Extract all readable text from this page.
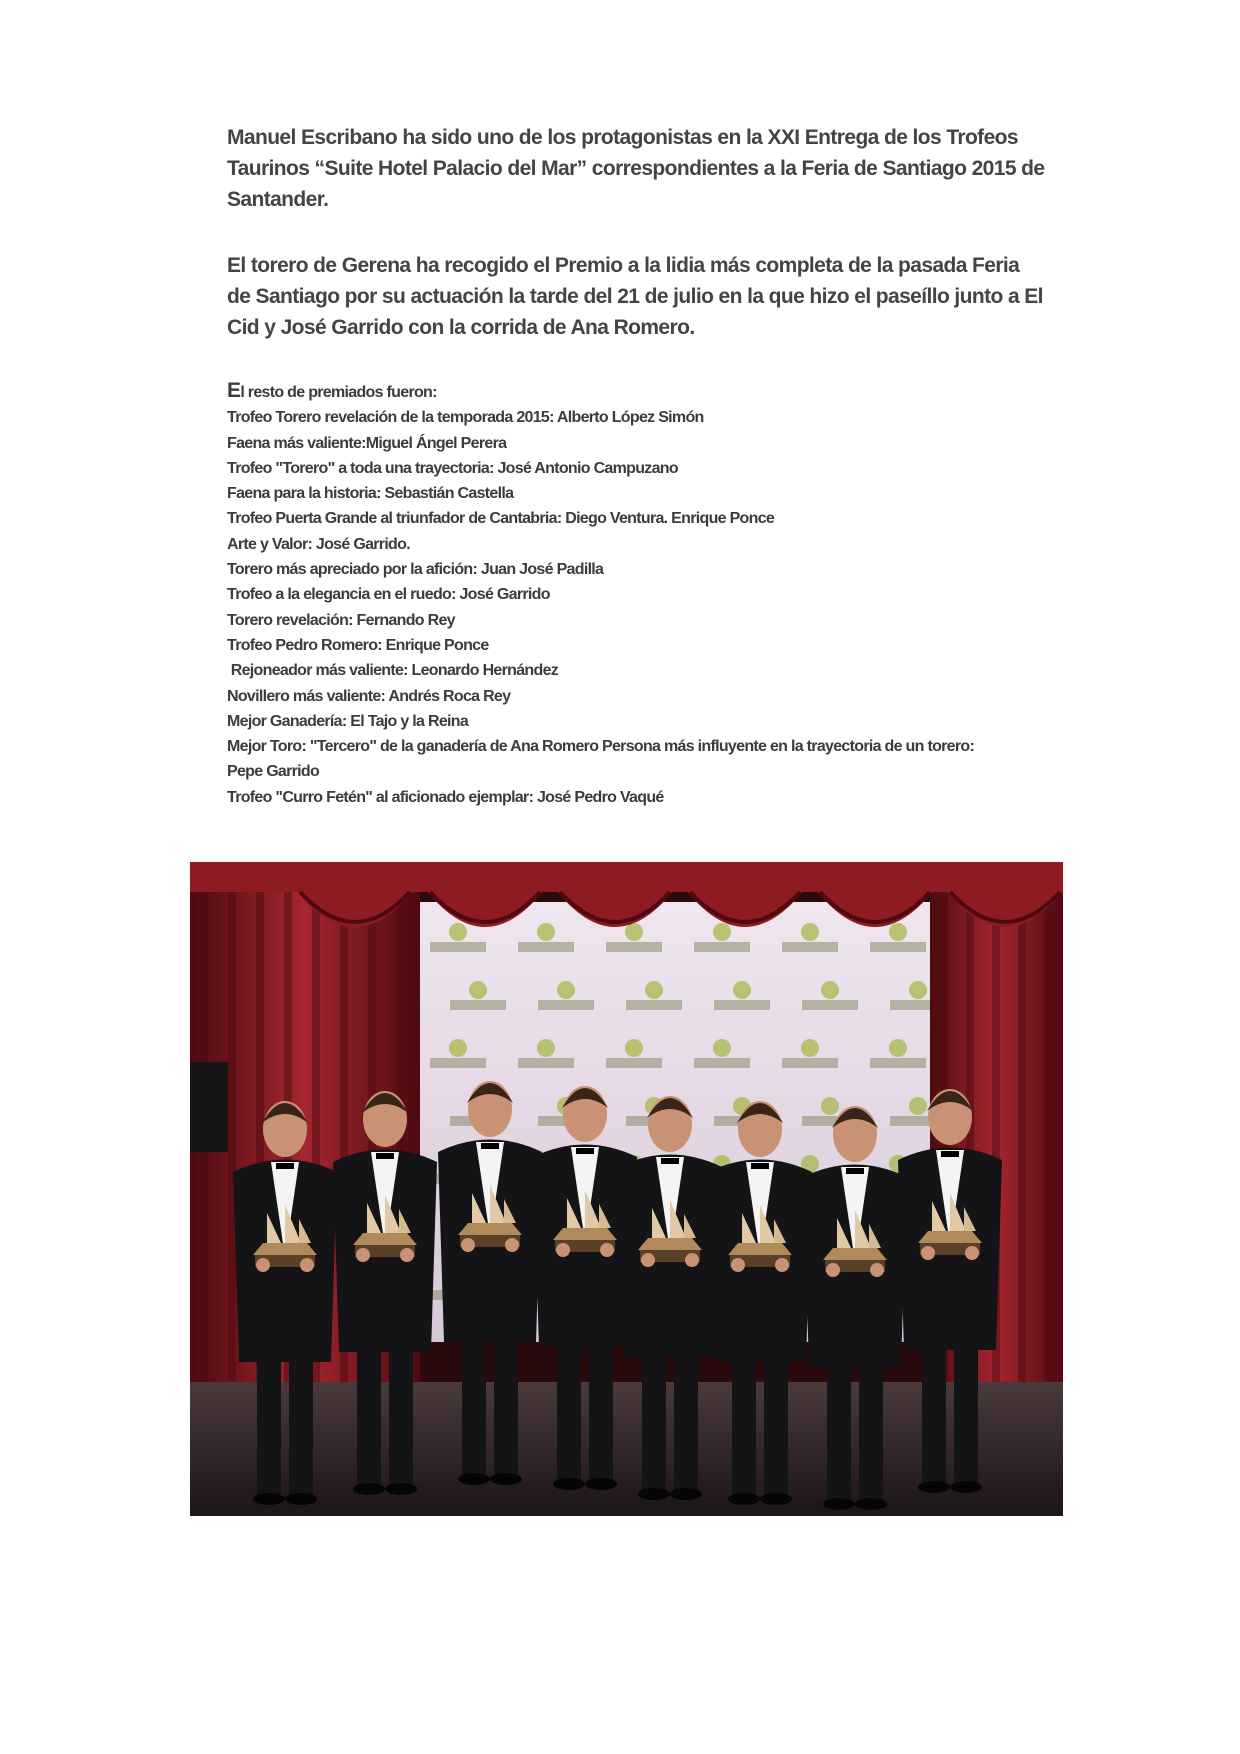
Manuel Escribano ha sido uno de los protagonistas en la XXI Entrega de los Trofeos Taurinos “Suite Hotel Palacio del Mar” correspondientes a la Feria de Santiago 2015 de Santander.
El torero de Gerena ha recogido el Premio a la lidia más completa de la pasada Feria de Santiago por su actuación la tarde del 21 de julio en la que hizo el paseíllo junto a El Cid y José Garrido con la corrida de Ana Romero.
El resto de premiados fueron:
Trofeo Torero revelación de la temporada 2015: Alberto López Simón
Faena más valiente:Miguel Ángel Perera
Trofeo "Torero" a toda una trayectoria: José Antonio Campuzano
Faena para la historia: Sebastián Castella
Trofeo Puerta Grande al triunfador de Cantabria: Diego Ventura. Enrique Ponce
Arte y Valor: José Garrido.
Torero más apreciado por la afición: Juan José Padilla
Trofeo a la elegancia en el ruedo: José Garrido
Torero revelación: Fernando Rey
Trofeo Pedro Romero: Enrique Ponce
Rejoneador más valiente: Leonardo Hernández
Novillero más valiente: Andrés Roca Rey
Mejor Ganadería: El Tajo y la Reina
Mejor Toro: "Tercero" de la ganadería de Ana Romero Persona más influyente en la trayectoria de un torero: Pepe Garrido
Trofeo "Curro Fetén" al aficionado ejemplar: José Pedro Vaqué
